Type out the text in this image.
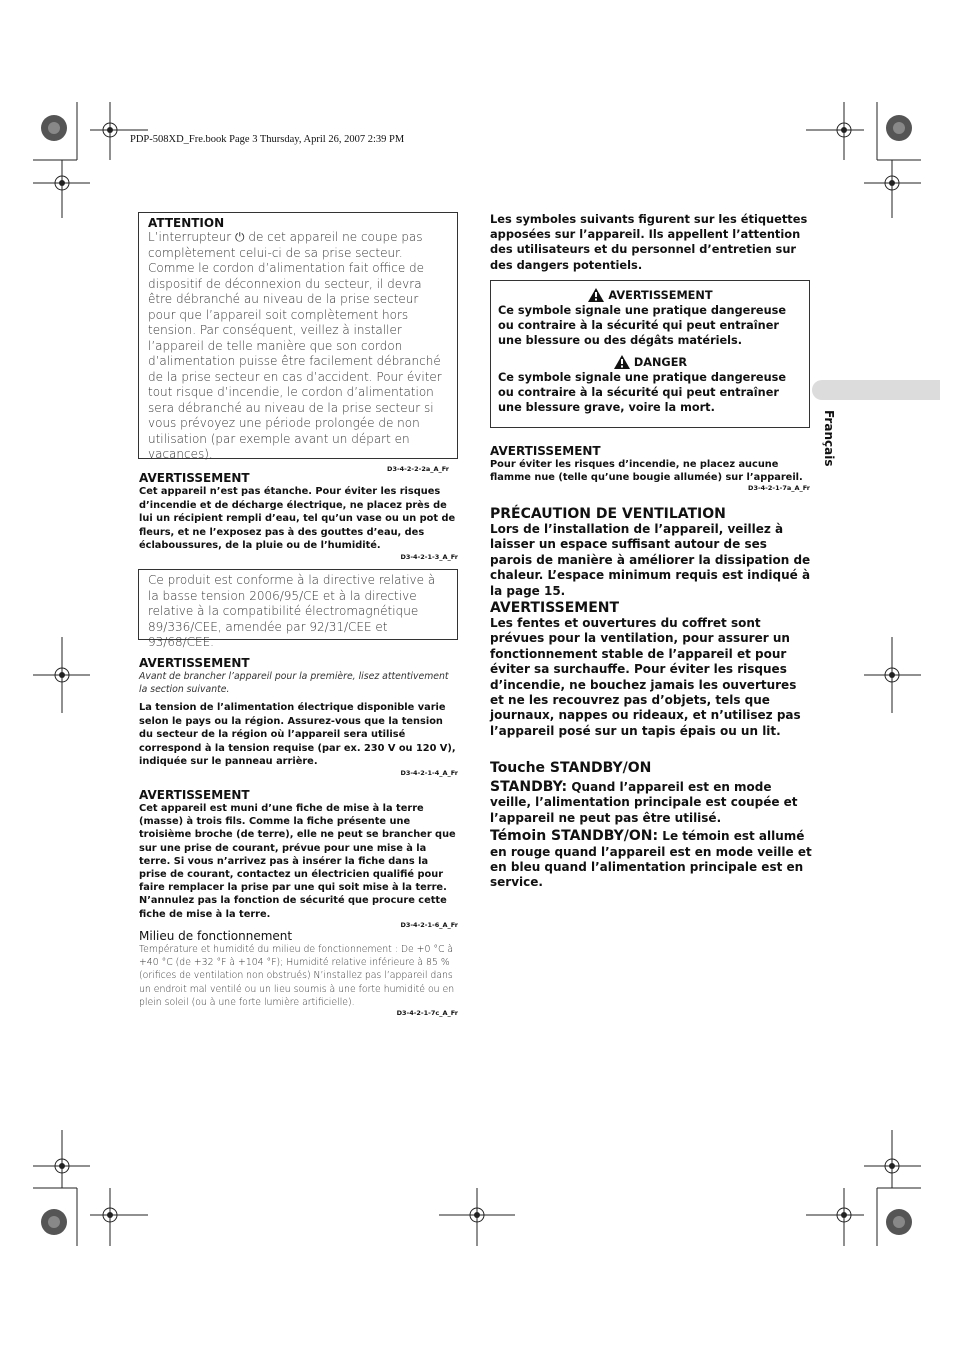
PDP-508XD_Fre.book Page 3 Thursday, April 26, 2007 2:39 PM
Français
ATTENTION
L’interrupteur ⏻ de cet appareil ne coupe pas complètement celui-ci de sa prise secteur. Comme le cordon d’alimentation fait office de dispositif de déconnexion du secteur, il devra être débranché au niveau de la prise secteur pour que l’appareil soit complètement hors tension. Par conséquent, veillez à installer l’appareil de telle manière que son cordon d’alimentation puisse être facilement débranché de la prise secteur en cas d’accident. Pour éviter tout risque d’incendie, le cordon d’alimentation sera débranché au niveau de la prise secteur si vous prévoyez une période prolongée de non utilisation (par exemple avant un départ en vacances).
D3-4-2-2-2a_A_Fr
AVERTISSEMENT
Cet appareil n’est pas étanche. Pour éviter les risques d’incendie et de décharge électrique, ne placez près de lui un récipient rempli d’eau, tel qu’un vase ou un pot de fleurs, et ne l’exposez pas à des gouttes d’eau, des éclaboussures, de la pluie ou de l’humidité.
D3-4-2-1-3_A_Fr
Ce produit est conforme à la directive relative à la basse tension 2006/95/CE et à la directive relative à la compatibilité électromagnétique 89/336/CEE, amendée par 92/31/CEE et 93/68/CEE.
AVERTISSEMENT
Avant de brancher l’appareil pour la première, lisez attentivement la section suivante.
La tension de l’alimentation électrique disponible varie selon le pays ou la région. Assurez-vous que la tension du secteur de la région où l’appareil sera utilisé correspond à la tension requise (par ex. 230 V ou 120 V), indiquée sur le panneau arrière.
D3-4-2-1-4_A_Fr
AVERTISSEMENT
Cet appareil est muni d’une fiche de mise à la terre (masse) à trois fils. Comme la fiche présente une troisième broche (de terre), elle ne peut se brancher que sur une prise de courant, prévue pour une mise à la terre. Si vous n’arrivez pas à insérer la fiche dans la prise de courant, contactez un électricien qualifié pour faire remplacer la prise par une qui soit mise à la terre. N’annulez pas la fonction de sécurité que procure cette fiche de mise à la terre.
D3-4-2-1-6_A_Fr
Milieu de fonctionnement
Température et humidité du milieu de fonctionnement : De +0 °C à +40 °C (de +32 °F à +104 °F); Humidité relative inférieure à 85 % (orifices de ventilation non obstrués) N’installez pas l’appareil dans un endroit mal ventilé ou un lieu soumis à une forte humidité ou en plein soleil (ou à une forte lumière artificielle).
D3-4-2-1-7c_A_Fr
Les symboles suivants figurent sur les étiquettes apposées sur l’appareil. Ils appellent l’attention des utilisateurs et du personnel d’entretien sur des dangers potentiels.
AVERTISSEMENT
Ce symbole signale une pratique dangereuse ou contraire à la sécurité qui peut entraîner une blessure ou des dégâts matériels.
DANGER
Ce symbole signale une pratique dangereuse ou contraire à la sécurité qui peut entraîner une blessure grave, voire la mort.
AVERTISSEMENT
Pour éviter les risques d’incendie, ne placez aucune flamme nue (telle qu’une bougie allumée) sur l’appareil.
D3-4-2-1-7a_A_Fr
PRÉCAUTION DE VENTILATION
Lors de l’installation de l’appareil, veillez à laisser un espace suffisant autour de ses parois de manière à améliorer la dissipation de chaleur. L’espace minimum requis est indiqué à la page 15.
AVERTISSEMENT
Les fentes et ouvertures du coffret sont prévues pour la ventilation, pour assurer un fonctionnement stable de l’appareil et pour éviter sa surchauffe. Pour éviter les risques d’incendie, ne bouchez jamais les ouvertures et ne les recouvrez pas d’objets, tels que journaux, nappes ou rideaux, et n’utilisez pas l’appareil posé sur un tapis épais ou un lit.
Touche STANDBY/ON
STANDBY: Quand l’appareil est en mode veille, l’alimentation principale est coupée et l’appareil ne peut pas être utilisé.
Témoin STANDBY/ON: Le témoin est allumé en rouge quand l’appareil est en mode veille et en bleu quand l’alimentation principale est en service.
